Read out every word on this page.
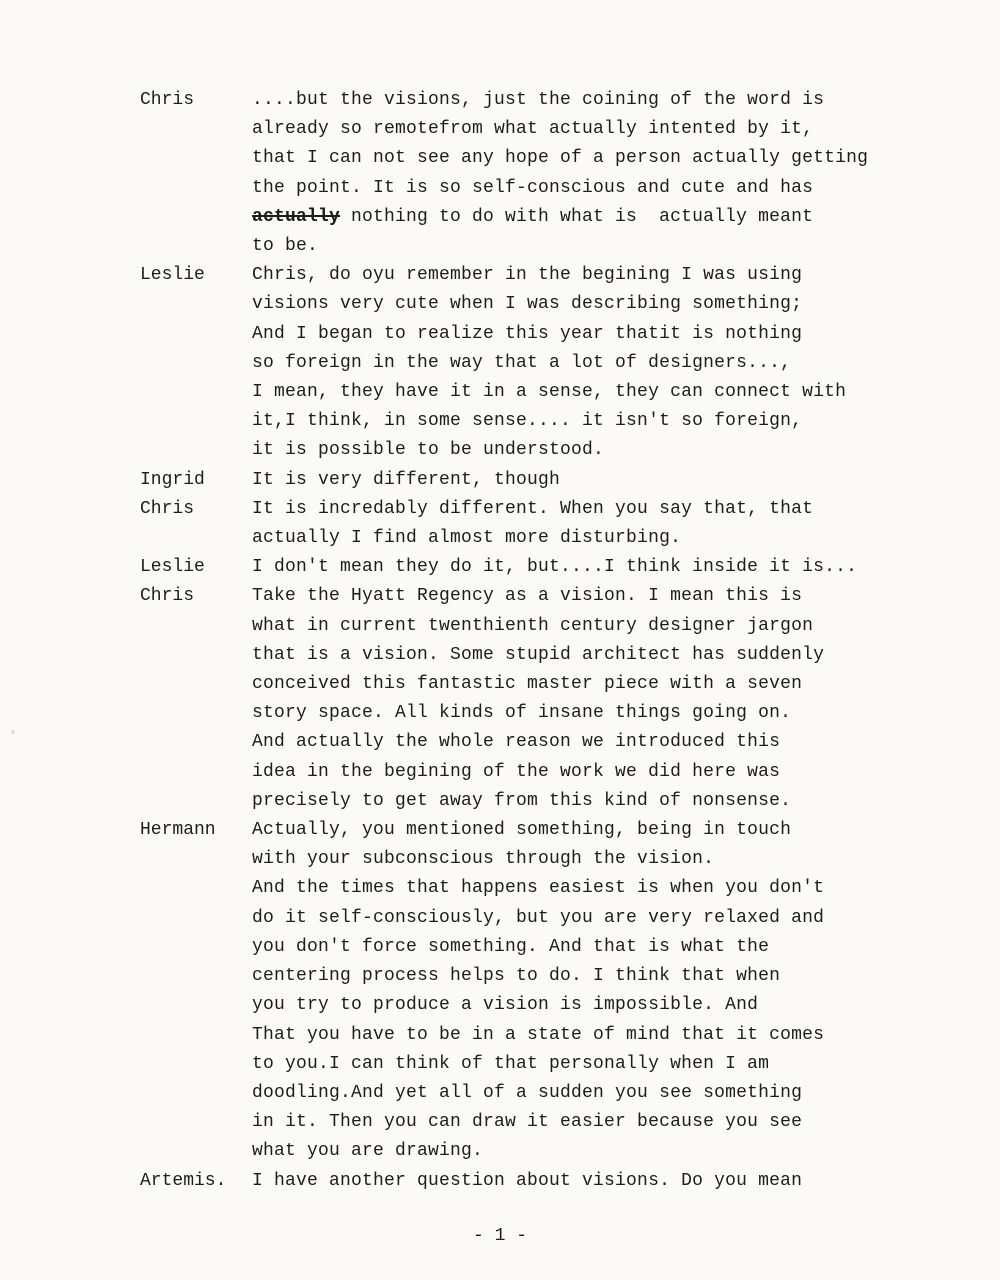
Chris	....but the visions, just the coining of the word is
already so remotefrom what actually intented by it,
that I can not see any hope of a person actually getting
the point. It is so self-conscious and cute and has
actually nothing to do with what is  actually meant
to be.
Leslie	Chris, do oyu remember in the begining I was using
visions very cute when I was describing something;
And I began to realize this year thatit is nothing
so foreign in the way that a lot of designers...,
I mean, they have it in a sense, they can connect with
it,I think, in some sense.... it isn't so foreign,
it is possible to be understood.
Ingrid	It is very different, though
Chris	It is incredably different. When you say that, that
actually I find almost more disturbing.
Leslie	I don't mean they do it, but....I think inside it is...
Chris	Take the Hyatt Regency as a vision. I mean this is
what in current twenthienth century designer jargon
that is a vision. Some stupid architect has suddenly
conceived this fantastic master piece with a seven
story space. All kinds of insane things going on.
And actually the whole reason we introduced this
idea in the begining of the work we did here was
precisely to get away from this kind of nonsense.
Hermann	Actually, you mentioned something, being in touch
with your subconscious through the vision.
And the times that happens easiest is when you don't
do it self-consciously, but you are very relaxed and
you don't force something. And that is what the
centering process helps to do. I think that when
you try to produce a vision is impossible. And
That you have to be in a state of mind that it comes
to you.I can think of that personally when I am
doodling.And yet all of a sudden you see something
in it. Then you can draw it easier because you see
what you are drawing.
Artemis.	I have another question about visions. Do you mean
- 1 -
